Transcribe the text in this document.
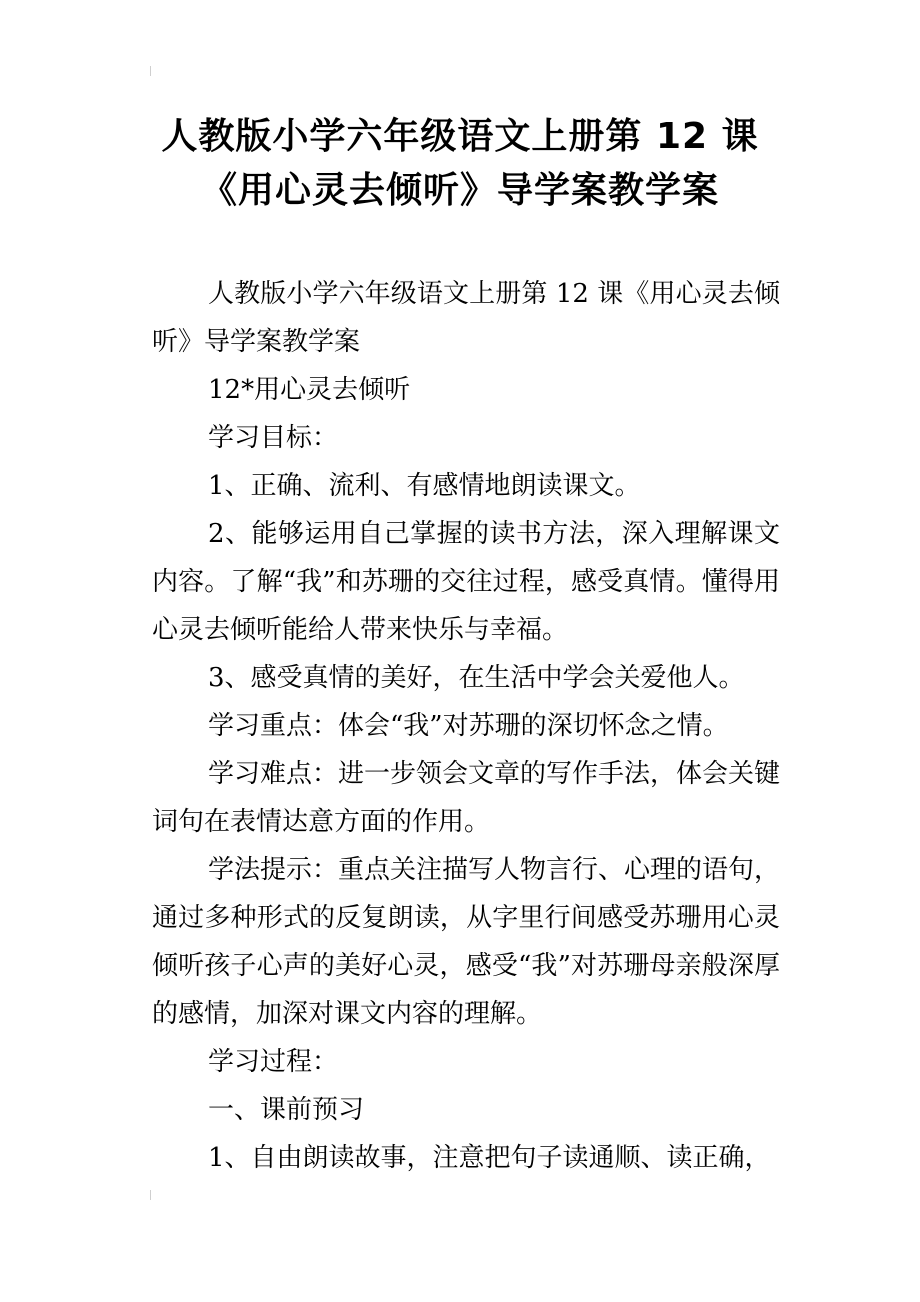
人教版小学六年级语文上册第 12 课
《用心灵去倾听》导学案教学案

人教版小学六年级语文上册第 12 课《用心灵去倾听》导学案教学案

12*用心灵去倾听

学习目标：

1、正确、流利、有感情地朗读课文。

2、能够运用自己掌握的读书方法，深入理解课文内容。了解“我”和苏珊的交往过程，感受真情。懂得用心灵去倾听能给人带来快乐与幸福。

3、感受真情的美好，在生活中学会关爱他人。

学习重点：体会“我”对苏珊的深切怀念之情。

学习难点：进一步领会文章的写作手法，体会关键词句在表情达意方面的作用。

学法提示：重点关注描写人物言行、心理的语句，通过多种形式的反复朗读，从字里行间感受苏珊用心灵倾听孩子心声的美好心灵，感受“我”对苏珊母亲般深厚的感情，加深对课文内容的理解。

学习过程：

一、课前预习

1、自由朗读故事，注意把句子读通顺、读正确，
